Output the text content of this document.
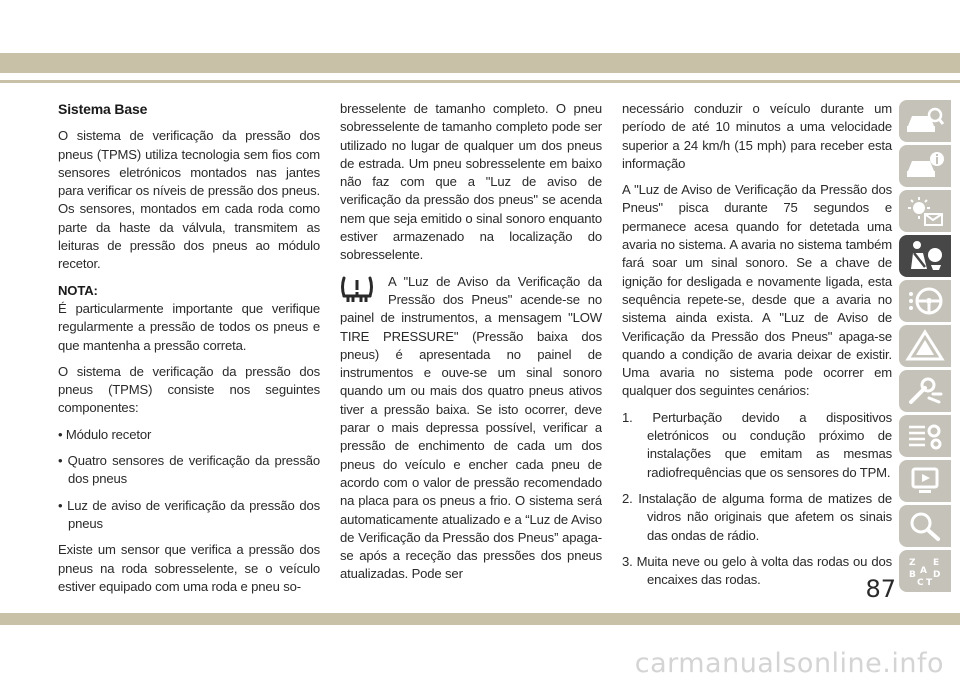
Sistema Base

O sistema de verificação da pressão dos pneus (TPMS) utiliza tecnologia sem fios com sensores eletrónicos montados nas jantes para verificar os níveis de pressão dos pneus. Os sensores, montados em cada roda como parte da haste da válvula, transmitem as leituras de pressão dos pneus ao módulo recetor.

NOTA:

É particularmente importante que verifique regularmente a pressão de todos os pneus e que mantenha a pressão correta.

O sistema de verificação da pressão dos pneus (TPMS) consiste nos seguintes componentes:

• Módulo recetor

• Quatro sensores de verificação da pressão dos pneus

• Luz de aviso de verificação da pressão dos pneus

Existe um sensor que verifica a pressão dos pneus na roda sobresselente, se o veículo estiver equipado com uma roda e pneu so-

bresselente de tamanho completo. O pneu sobresselente de tamanho completo pode ser utilizado no lugar de qualquer um dos pneus de estrada. Um pneu sobresselente em baixo não faz com que a "Luz de aviso de verificação da pressão dos pneus" se acenda nem que seja emitido o sinal sonoro enquanto estiver armazenado na localização do sobresselente.

A "Luz de Aviso da Verificação da Pressão dos Pneus" acende-se no painel de instrumentos, a mensagem "LOW TIRE PRESSURE" (Pressão baixa dos pneus) é apresentada no painel de instrumentos e ouve-se um sinal sonoro quando um ou mais dos quatro pneus ativos tiver a pressão baixa. Se isto ocorrer, deve parar o mais depressa possível, verificar a pressão de enchimento de cada um dos pneus do veículo e encher cada pneu de acordo com o valor de pressão recomendado na placa para os pneus a frio. O sistema será automaticamente atualizado e a “Luz de Aviso de Verificação da Pressão dos Pneus” apaga-se após a receção das pressões dos pneus atualizadas. Pode ser

necessário conduzir o veículo durante um período de até 10 minutos a uma velocidade superior a 24 km/h (15 mph) para receber esta informação

A "Luz de Aviso de Verificação da Pressão dos Pneus" pisca durante 75 segundos e permanece acesa quando for detetada uma avaria no sistema. A avaria no sistema também fará soar um sinal sonoro. Se a chave de ignição for desligada e novamente ligada, esta sequência repete-se, desde que a avaria no sistema ainda exista. A "Luz de Aviso de Verificação da Pressão dos Pneus" apaga-se quando a condição de avaria deixar de existir. Uma avaria no sistema pode ocorrer em qualquer dos seguintes cenários:

1. Perturbação devido a dispositivos eletrónicos ou condução próximo de instalações que emitam as mesmas radiofrequências que os sensores do TPM.

2. Instalação de alguma forma de matizes de vidros não originais que afetem os sinais das ondas de rádio.

3. Muita neve ou gelo à volta das rodas ou dos encaixes das rodas.

Z E
B D
C T
A
87
carmanualsonline.info
